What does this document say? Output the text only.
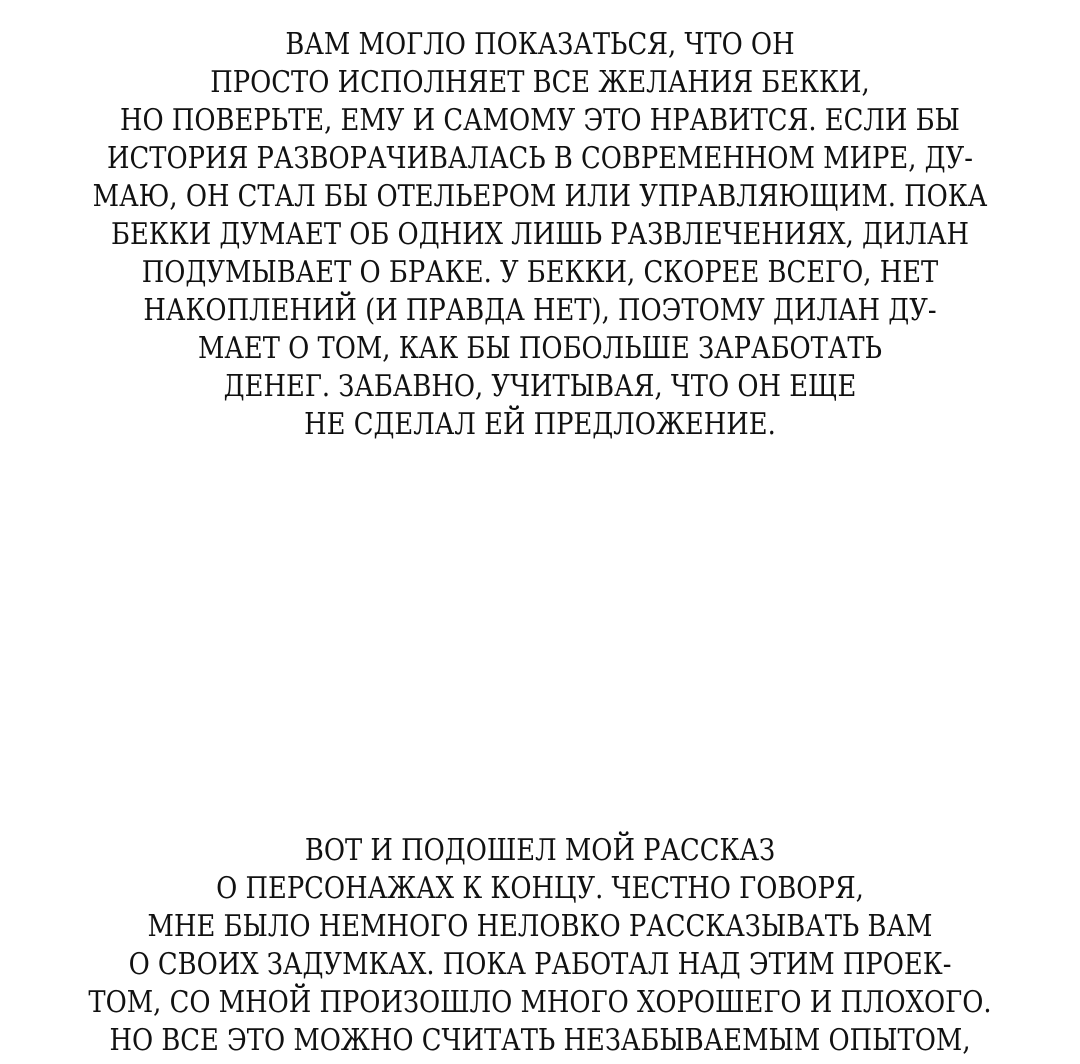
ВАМ МОГЛО ПОКАЗАТЬСЯ, ЧТО ОН
ПРОСТО ИСПОЛНЯЕТ ВСЕ ЖЕЛАНИЯ БЕККИ,
НО ПОВЕРЬТЕ, ЕМУ И САМОМУ ЭТО НРАВИТСЯ. ЕСЛИ БЫ
ИСТОРИЯ РАЗВОРАЧИВАЛАСЬ В СОВРЕМЕННОМ МИРЕ, ДУ-
МАЮ, ОН СТАЛ БЫ ОТЕЛЬЕРОМ ИЛИ УПРАВЛЯЮЩИМ. ПОКА
БЕККИ ДУМАЕТ ОБ ОДНИХ ЛИШЬ РАЗВЛЕЧЕНИЯХ, ДИЛАН
ПОДУМЫВАЕТ О БРАКЕ. У БЕККИ, СКОРЕЕ ВСЕГО, НЕТ
НАКОПЛЕНИЙ (И ПРАВДА НЕТ), ПОЭТОМУ ДИЛАН ДУ-
МАЕТ О ТОМ, КАК БЫ ПОБОЛЬШЕ ЗАРАБОТАТЬ
ДЕНЕГ. ЗАБАВНО, УЧИТЫВАЯ, ЧТО ОН ЕЩЕ
НЕ СДЕЛАЛ ЕЙ ПРЕДЛОЖЕНИЕ.
ВОТ И ПОДОШЕЛ МОЙ РАССКАЗ
О ПЕРСОНАЖАХ К КОНЦУ. ЧЕСТНО ГОВОРЯ,
МНЕ БЫЛО НЕМНОГО НЕЛОВКО РАССКАЗЫВАТЬ ВАМ
О СВОИХ ЗАДУМКАХ. ПОКА РАБОТАЛ НАД ЭТИМ ПРОЕК-
ТОМ, СО МНОЙ ПРОИЗОШЛО МНОГО ХОРОШЕГО И ПЛОХОГО.
НО ВСЕ ЭТО МОЖНО СЧИТАТЬ НЕЗАБЫВАЕМЫМ ОПЫТОМ,
